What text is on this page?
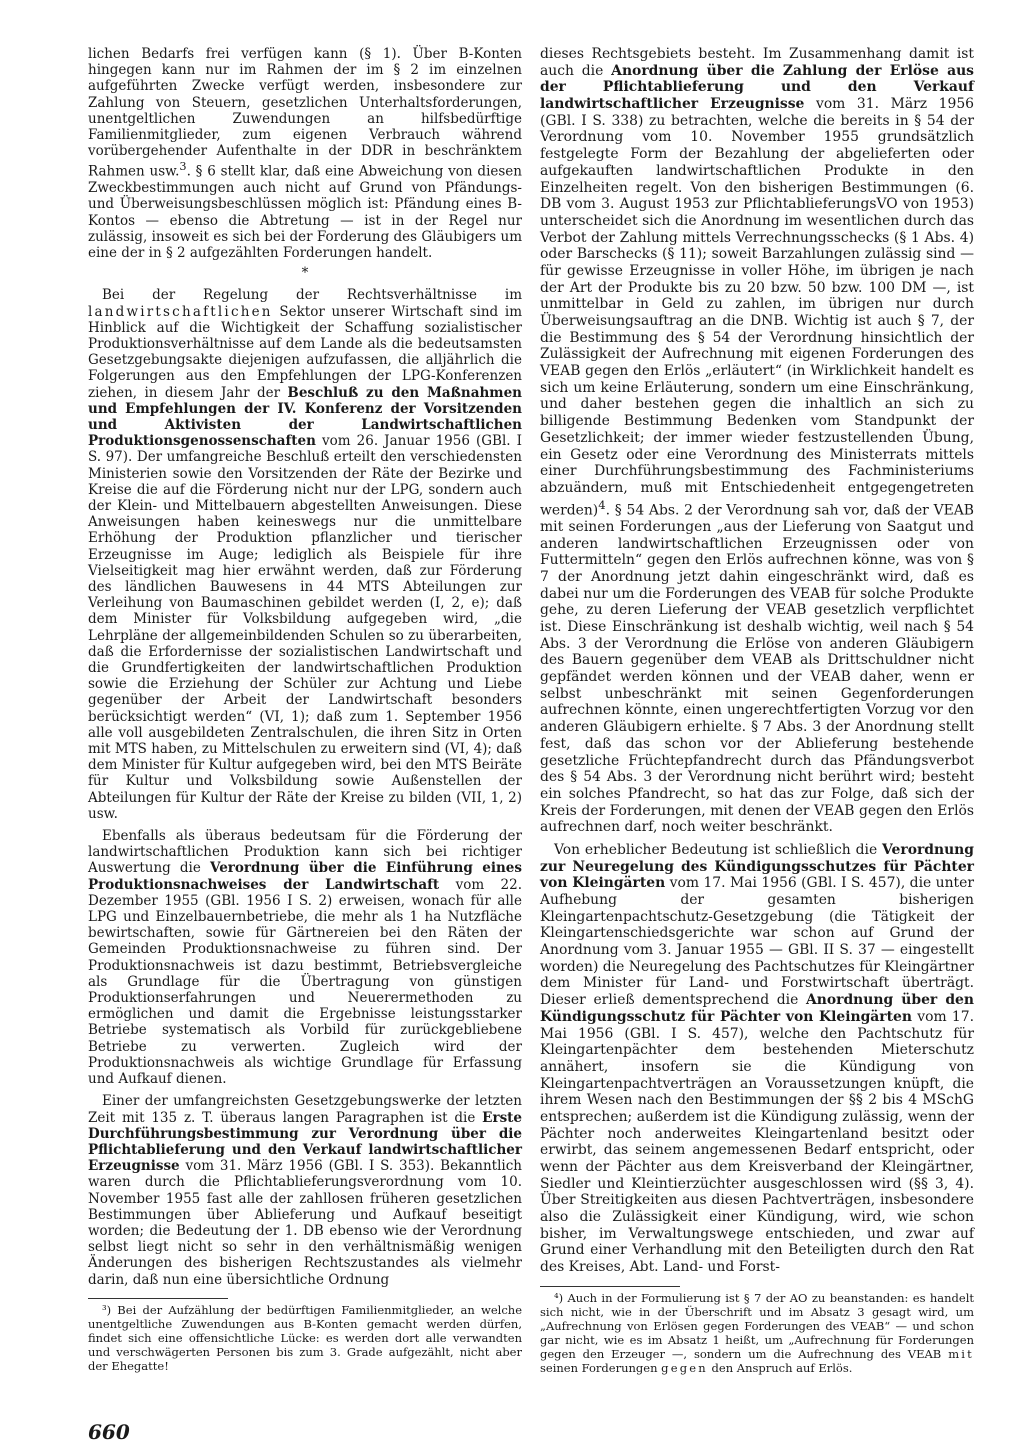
lichen Bedarfs frei verfügen kann (§ 1). Über B-Konten hingegen kann nur im Rahmen der im § 2 im einzelnen aufgeführten Zwecke verfügt werden, insbesondere zur Zahlung von Steuern, gesetzlichen Unterhaltsforderungen, unentgeltlichen Zuwendungen an hilfsbedürftige Familienmitglieder, zum eigenen Verbrauch während vorübergehender Aufenthalte in der DDR in beschränktem Rahmen usw.$^3$. § 6 stellt klar, daß eine Abweichung von diesen Zweckbestimmungen auch nicht auf Grund von Pfändungs- und Überweisungsbeschlüssen möglich ist: Pfändung eines B-Kontos — ebenso die Abtretung — ist in der Regel nur zulässig, insoweit es sich bei der Forderung des Gläubigers um eine der in § 2 aufgezählten Forderungen handelt.

*

Bei der Regelung der Rechtsverhältnisse im landwirtschaftlichen Sektor unserer Wirtschaft sind im Hinblick auf die Wichtigkeit der Schaffung sozialistischer Produktionsverhältnisse auf dem Lande als die bedeutsamsten Gesetzgebungsakte diejenigen aufzufassen, die alljährlich die Folgerungen aus den Empfehlungen der LPG-Konferenzen ziehen, in diesem Jahr der Beschluß zu den Maßnahmen und Empfehlungen der IV. Konferenz der Vorsitzenden und Aktivisten der Landwirtschaftlichen Produktionsgenossenschaften vom 26. Januar 1956 (GBl. I S. 97). Der umfangreiche Beschluß erteilt den verschiedensten Ministerien sowie den Vorsitzenden der Räte der Bezirke und Kreise die auf die Förderung nicht nur der LPG, sondern auch der Klein- und Mittelbauern abgestellten Anweisungen. Diese Anweisungen haben keineswegs nur die unmittelbare Erhöhung der Produktion pflanzlicher und tierischer Erzeugnisse im Auge; lediglich als Beispiele für ihre Vielseitigkeit mag hier erwähnt werden, daß zur Förderung des ländlichen Bauwesens in 44 MTS Abteilungen zur Verleihung von Baumaschinen gebildet werden (I, 2, e); daß dem Minister für Volksbildung aufgegeben wird, „die Lehrpläne der allgemeinbildenden Schulen so zu überarbeiten, daß die Erfordernisse der sozialistischen Landwirtschaft und die Grundfertigkeiten der landwirtschaftlichen Produktion sowie die Erziehung der Schüler zur Achtung und Liebe gegenüber der Arbeit der Landwirtschaft besonders berücksichtigt werden“ (VI, 1); daß zum 1. September 1956 alle voll ausgebildeten Zentralschulen, die ihren Sitz in Orten mit MTS haben, zu Mittelschulen zu erweitern sind (VI, 4); daß dem Minister für Kultur aufgegeben wird, bei den MTS Beiräte für Kultur und Volksbildung sowie Außenstellen der Abteilungen für Kultur der Räte der Kreise zu bilden (VII, 1, 2) usw.

Ebenfalls als überaus bedeutsam für die Förderung der landwirtschaftlichen Produktion kann sich bei richtiger Auswertung die Verordnung über die Einführung eines Produktionsnachweises der Landwirtschaft vom 22. Dezember 1955 (GBl. 1956 I S. 2) erweisen, wonach für alle LPG und Einzelbauernbetriebe, die mehr als 1 ha Nutzfläche bewirtschaften, sowie für Gärtnereien bei den Räten der Gemeinden Produktionsnachweise zu führen sind. Der Produktionsnachweis ist dazu bestimmt, Betriebsvergleiche als Grundlage für die Übertragung von günstigen Produktionserfahrungen und Neuerermethoden zu ermöglichen und damit die Ergebnisse leistungsstarker Betriebe systematisch als Vorbild für zurückgebliebene Betriebe zu verwerten. Zugleich wird der Produktionsnachweis als wichtige Grundlage für Erfassung und Aufkauf dienen.

Einer der umfangreichsten Gesetzgebungswerke der letzten Zeit mit 135 z. T. überaus langen Paragraphen ist die Erste Durchführungsbestimmung zur Verordnung über die Pflichtablieferung und den Verkauf landwirtschaftlicher Erzeugnisse vom 31. März 1956 (GBl. I S. 353). Bekanntlich waren durch die Pflichtablieferungsverordnung vom 10. November 1955 fast alle der zahllosen früheren gesetzlichen Bestimmungen über Ablieferung und Aufkauf beseitigt worden; die Bedeutung der 1. DB ebenso wie der Verordnung selbst liegt nicht so sehr in den verhältnismäßig wenigen Änderungen des bisherigen Rechtszustandes als vielmehr darin, daß nun eine übersichtliche Ordnung

³) Bei der Aufzählung der bedürftigen Familienmitglieder, an welche unentgeltliche Zuwendungen aus B-Konten gemacht werden dürfen, findet sich eine offensichtliche Lücke: es werden dort alle verwandten und verschwägerten Personen bis zum 3. Grade aufgezählt, nicht aber der Ehegatte!

dieses Rechtsgebiets besteht. Im Zusammenhang damit ist auch die Anordnung über die Zahlung der Erlöse aus der Pflichtablieferung und den Verkauf landwirtschaftlicher Erzeugnisse vom 31. März 1956 (GBl. I S. 338) zu betrachten, welche die bereits in § 54 der Verordnung vom 10. November 1955 grundsätzlich festgelegte Form der Bezahlung der abgelieferten oder aufgekauften landwirtschaftlichen Produkte in den Einzelheiten regelt. Von den bisherigen Bestimmungen (6. DB vom 3. August 1953 zur PflichtablieferungsVO von 1953) unterscheidet sich die Anordnung im wesentlichen durch das Verbot der Zahlung mittels Verrechnungsschecks (§ 1 Abs. 4) oder Barschecks (§ 11); soweit Barzahlungen zulässig sind — für gewisse Erzeugnisse in voller Höhe, im übrigen je nach der Art der Produkte bis zu 20 bzw. 50 bzw. 100 DM —, ist unmittelbar in Geld zu zahlen, im übrigen nur durch Überweisungsauftrag an die DNB. Wichtig ist auch § 7, der die Bestimmung des § 54 der Verordnung hinsichtlich der Zulässigkeit der Aufrechnung mit eigenen Forderungen des VEAB gegen den Erlös „erläutert“ (in Wirklichkeit handelt es sich um keine Erläuterung, sondern um eine Einschränkung, und daher bestehen gegen die inhaltlich an sich zu billigende Bestimmung Bedenken vom Standpunkt der Gesetzlichkeit; der immer wieder festzustellenden Übung, ein Gesetz oder eine Verordnung des Ministerrats mittels einer Durchführungsbestimmung des Fachministeriums abzuändern, muß mit Entschiedenheit entgegengetreten werden)$^4$. § 54 Abs. 2 der Verordnung sah vor, daß der VEAB mit seinen Forderungen „aus der Lieferung von Saatgut und anderen landwirtschaftlichen Erzeugnissen oder von Futtermitteln“ gegen den Erlös aufrechnen könne, was von § 7 der Anordnung jetzt dahin eingeschränkt wird, daß es dabei nur um die Forderungen des VEAB für solche Produkte gehe, zu deren Lieferung der VEAB gesetzlich verpflichtet ist. Diese Einschränkung ist deshalb wichtig, weil nach § 54 Abs. 3 der Verordnung die Erlöse von anderen Gläubigern des Bauern gegenüber dem VEAB als Drittschuldner nicht gepfändet werden können und der VEAB daher, wenn er selbst unbeschränkt mit seinen Gegenforderungen aufrechnen könnte, einen ungerechtfertigten Vorzug vor den anderen Gläubigern erhielte. § 7 Abs. 3 der Anordnung stellt fest, daß das schon vor der Ablieferung bestehende gesetzliche Früchtepfandrecht durch das Pfändungsverbot des § 54 Abs. 3 der Verordnung nicht berührt wird; besteht ein solches Pfandrecht, so hat das zur Folge, daß sich der Kreis der Forderungen, mit denen der VEAB gegen den Erlös aufrechnen darf, noch weiter beschränkt.

Von erheblicher Bedeutung ist schließlich die Verordnung zur Neuregelung des Kündigungsschutzes für Pächter von Kleingärten vom 17. Mai 1956 (GBl. I S. 457), die unter Aufhebung der gesamten bisherigen Kleingartenpachtschutz-Gesetzgebung (die Tätigkeit der Kleingartenschiedsgerichte war schon auf Grund der Anordnung vom 3. Januar 1955 — GBl. II S. 37 — eingestellt worden) die Neuregelung des Pachtschutzes für Kleingärtner dem Minister für Land- und Forstwirtschaft überträgt. Dieser erließ dementsprechend die Anordnung über den Kündigungsschutz für Pächter von Kleingärten vom 17. Mai 1956 (GBl. I S. 457), welche den Pachtschutz für Kleingartenpächter dem bestehenden Mieterschutz annähert, insofern sie die Kündigung von Kleingartenpachtverträgen an Voraussetzungen knüpft, die ihrem Wesen nach den Bestimmungen der §§ 2 bis 4 MSchG entsprechen; außerdem ist die Kündigung zulässig, wenn der Pächter noch anderweites Kleingartenland besitzt oder erwirbt, das seinem angemessenen Bedarf entspricht, oder wenn der Pächter aus dem Kreisverband der Kleingärtner, Siedler und Kleintierzüchter ausgeschlossen wird (§§ 3, 4). Über Streitigkeiten aus diesen Pachtverträgen, insbesondere also die Zulässigkeit einer Kündigung, wird, wie schon bisher, im Verwaltungswege entschieden, und zwar auf Grund einer Verhandlung mit den Beteiligten durch den Rat des Kreises, Abt. Land- und Forst-

⁴) Auch in der Formulierung ist § 7 der AO zu beanstanden: es handelt sich nicht, wie in der Überschrift und im Absatz 3 gesagt wird, um „Aufrechnung von Erlösen gegen Forderungen des VEAB“ — und schon gar nicht, wie es im Absatz 1 heißt, um „Aufrechnung für Forderungen gegen den Erzeuger —, sondern um die Aufrechnung des VEAB mit seinen Forderungen gegen den Anspruch auf Erlös.

660
